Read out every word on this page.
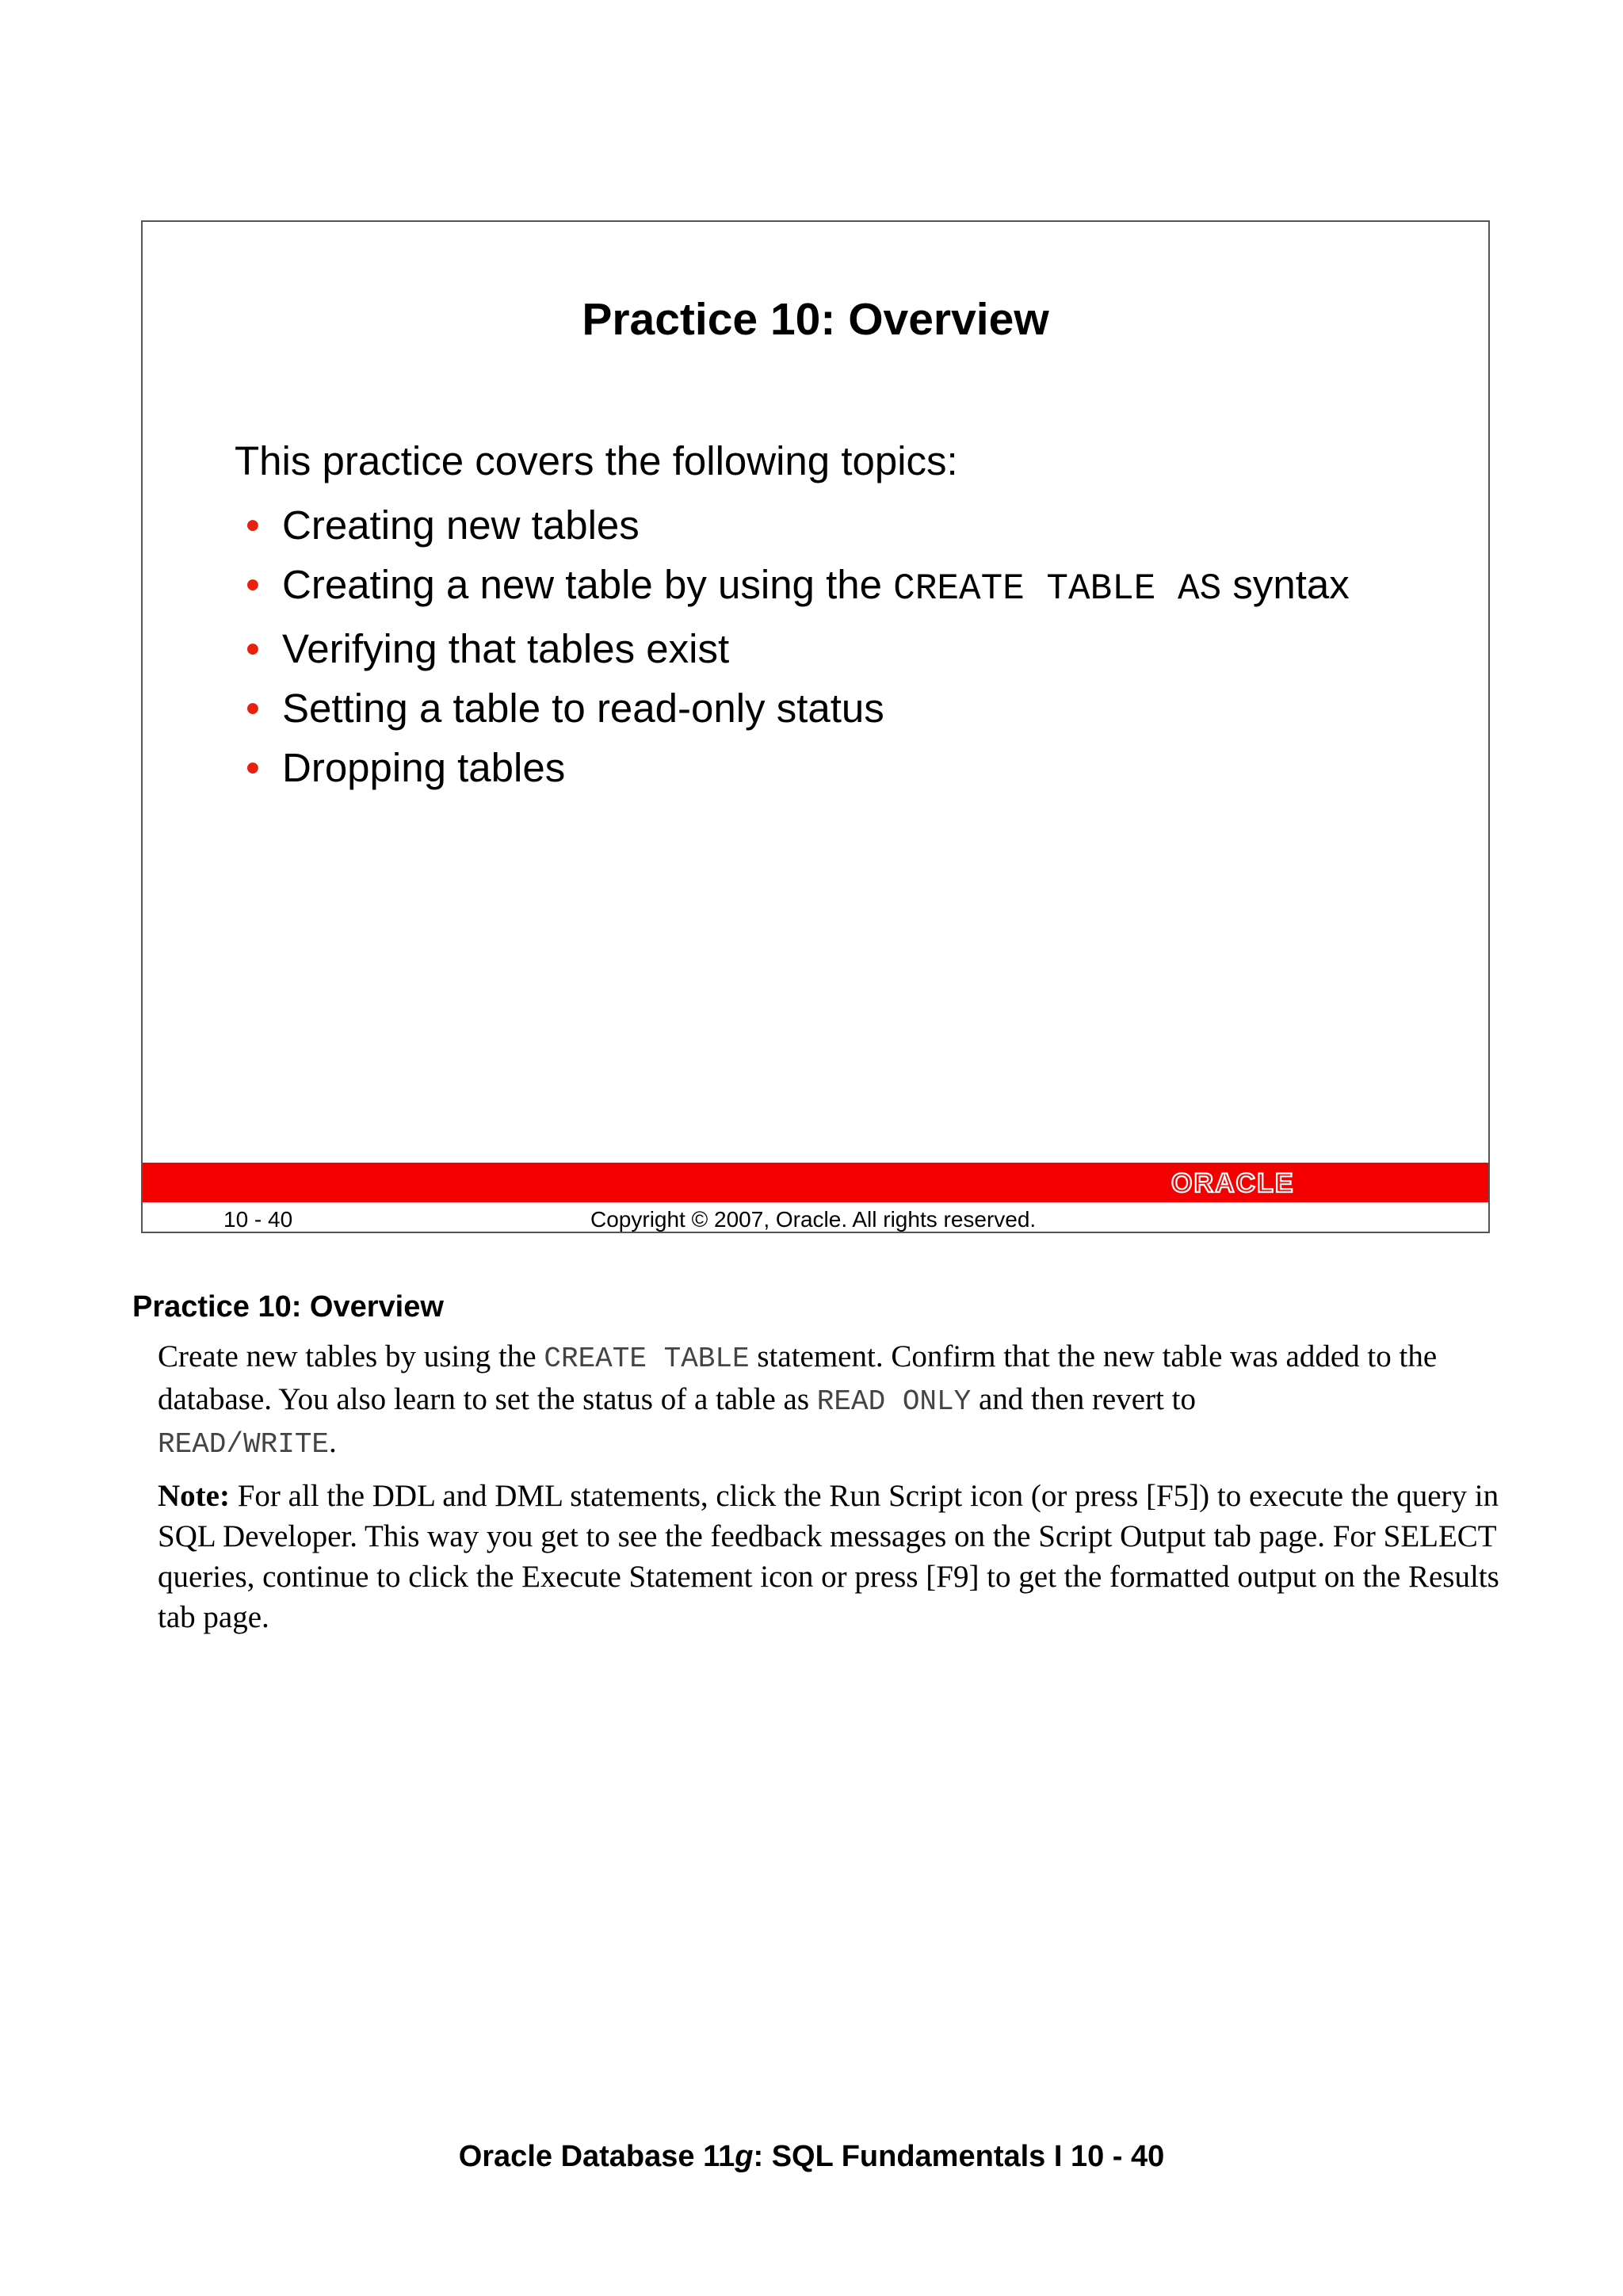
Practice 10: Overview
This practice covers the following topics:
• Creating new tables
• Creating a new table by using the CREATE TABLE AS syntax
• Verifying that tables exist
• Setting a table to read-only status
• Dropping tables
ORACLE
10 - 40	Copyright © 2007, Oracle. All rights reserved.
Practice 10: Overview

Create new tables by using the CREATE TABLE statement. Confirm that the new table was added to the database. You also learn to set the status of a table as READ ONLY and then revert to
READ/WRITE.

Note: For all the DDL and DML statements, click the Run Script icon (or press [F5]) to execute the query in SQL Developer. This way you get to see the feedback messages on the Script Output tab page. For SELECT queries, continue to click the Execute Statement icon or press [F9] to get the formatted output on the Results tab page.

Oracle Database 11g: SQL Fundamentals I 10 - 40
